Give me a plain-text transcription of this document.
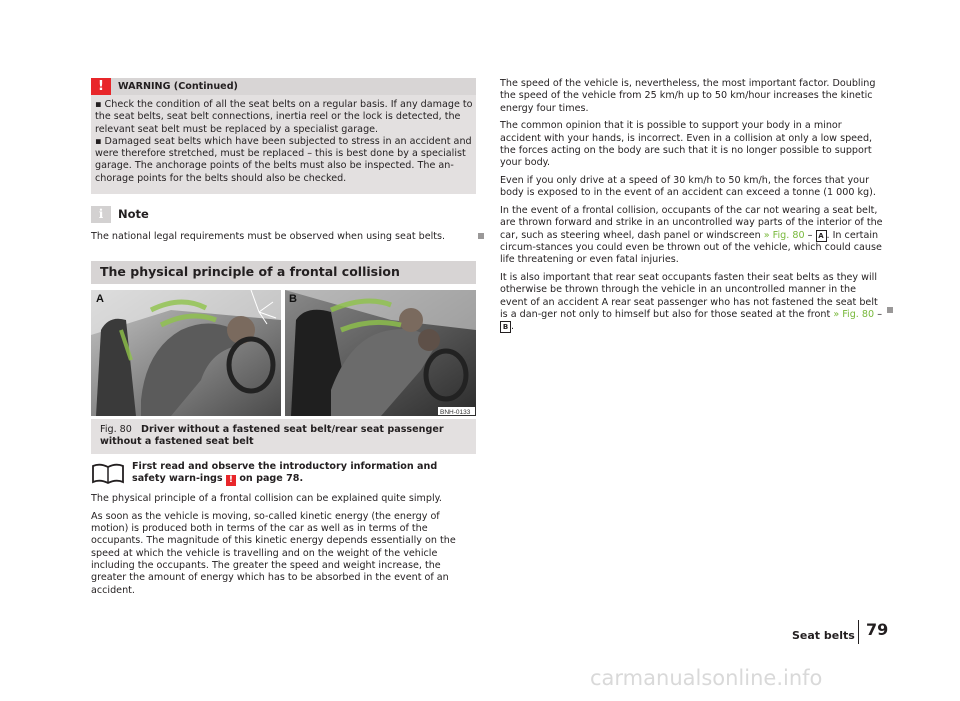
!	WARNING (Continued)

▪ Check the condition of all the seat belts on a regular basis. If any damage to the seat belts, seat belt connections, inertia reel or the lock is detected, the relevant seat belt must be replaced by a specialist garage.

▪ Damaged seat belts which have been subjected to stress in an accident and were therefore stretched, must be replaced – this is best done by a specialist garage. The anchorage points of the belts must also be inspected. The an-chorage points for the belts should also be checked.

i	Note
The national legal requirements must be observed when using seat belts.
The physical principle of a frontal collision
A	B
BNH-0133
Fig. 80 Driver without a fastened seat belt/rear seat passenger without a fastened seat belt
First read and observe the introductory information and safety warn-ings ! on page 78.

The physical principle of a frontal collision can be explained quite simply.

As soon as the vehicle is moving, so-called kinetic energy (the energy of motion) is produced both in terms of the car as well as in terms of the occupants. The magnitude of this kinetic energy depends essentially on the speed at which the vehicle is travelling and on the weight of the vehicle including the occupants. The greater the speed and weight increase, the greater the amount of energy which has to be absorbed in the event of an accident.

The speed of the vehicle is, nevertheless, the most important factor. Doubling the speed of the vehicle from 25 km/h up to 50 km/hour increases the kinetic energy four times.

The common opinion that it is possible to support your body in a minor accident with your hands, is incorrect. Even in a collision at only a low speed, the forces acting on the body are such that it is no longer possible to support your body.

Even if you only drive at a speed of 30 km/h to 50 km/h, the forces that your body is exposed to in the event of an accident can exceed a tonne (1 000 kg).

In the event of a frontal collision, occupants of the car not wearing a seat belt, are thrown forward and strike in an uncontrolled way parts of the interior of the car, such as steering wheel, dash panel or windscreen » Fig. 80 – A . In certain circum-stances you could even be thrown out of the vehicle, which could cause life threatening or even fatal injuries.

It is also important that rear seat occupants fasten their seat belts as they will otherwise be thrown through the vehicle in an uncontrolled manner in the event of an accident A rear seat passenger who has not fastened the seat belt is a dan-ger not only to himself but also for those seated at the front » Fig. 80 – B .

Seat belts 79
carmanualsonline.info
